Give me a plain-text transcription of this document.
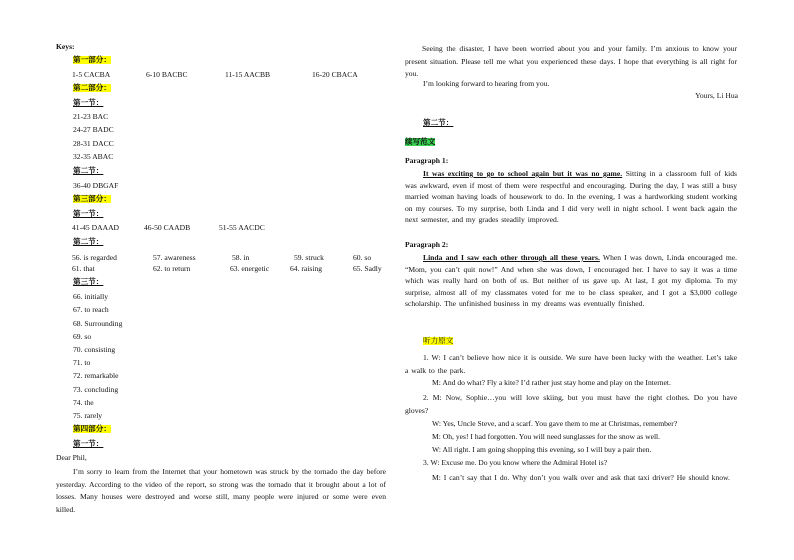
Keys:
第一部分：
1-5 CACBA	6-10 BACBC	11-15 AACBB	16-20 CBACA
第二部分：
第一节：
21-23 BAC
24-27 BADC
28-31 DACC
32-35 ABAC
第二节：
36-40 DBGAF
第三部分：
第一节：
41-45 DAAAD	46-50 CAADB	51-55 AACDC
第二节：
56. is regarded	57. awareness	58. in	59. struck	60. so
61. that	62. to return	63. energetic	64. raising	65. Sadly
第三节：
66. initially
67. to reach
68. Surrounding
69. so
70. consisting
71. to
72. remarkable
73. concluding
74. the
75. rarely
第四部分：
第一节：
Dear Phil,
I’m sorry to learn from the Internet that your hometown was struck by the tornado the day before yesterday. According to the video of the report, so strong was the tornado that it brought about a lot of losses. Many houses were destroyed and worse still, many people were injured or some were even killed.
Seeing the disaster, I have been worried about you and your family. I’m anxious to know your present situation. Please tell me what you experienced these days. I hope that everything is all right for you.
I’m looking forward to hearing from you.
Yours, Li Hua
第二节：
续写范文
Paragraph 1:
It was exciting to go to school again but it was no game. Sitting in a classroom full of kids was awkward, even if most of them were respectful and encouraging. During the day, I was still a busy married woman having loads of housework to do. In the evening, I was a hardworking student working on my courses. To my surprise, both Linda and I did very well in night school. I went back again the next semester, and my grades steadily improved.
Paragraph 2:
Linda and I saw each other through all these years. When I was down, Linda encouraged me. “Mom, you can’t quit now!” And when she was down, I encouraged her. I have to say it was a time which was really hard on both of us. But neither of us gave up. At last, I got my diploma. To my surprise, almost all of my classmates voted for me to be class speaker, and I got a $3,000 college scholarship. The unfinished business in my dreams was eventually finished.
听力原文
1. W: I can’t believe how nice it is outside. We sure have been lucky with the weather. Let’s take a walk to the park.
M: And do what? Fly a kite? I’d rather just stay home and play on the Internet.
2. M: Now, Sophie…you will love skiing, but you must have the right clothes. Do you have gloves?
W: Yes, Uncle Steve, and a scarf. You gave them to me at Christmas, remember?
M: Oh, yes! I had forgotten. You will need sunglasses for the snow as well.
W: All right. I am going shopping this evening, so I will buy a pair then.
3. W: Excuse me. Do you know where the Admiral Hotel is?
M: I can’t say that I do. Why don’t you walk over and ask that taxi driver? He should know.
